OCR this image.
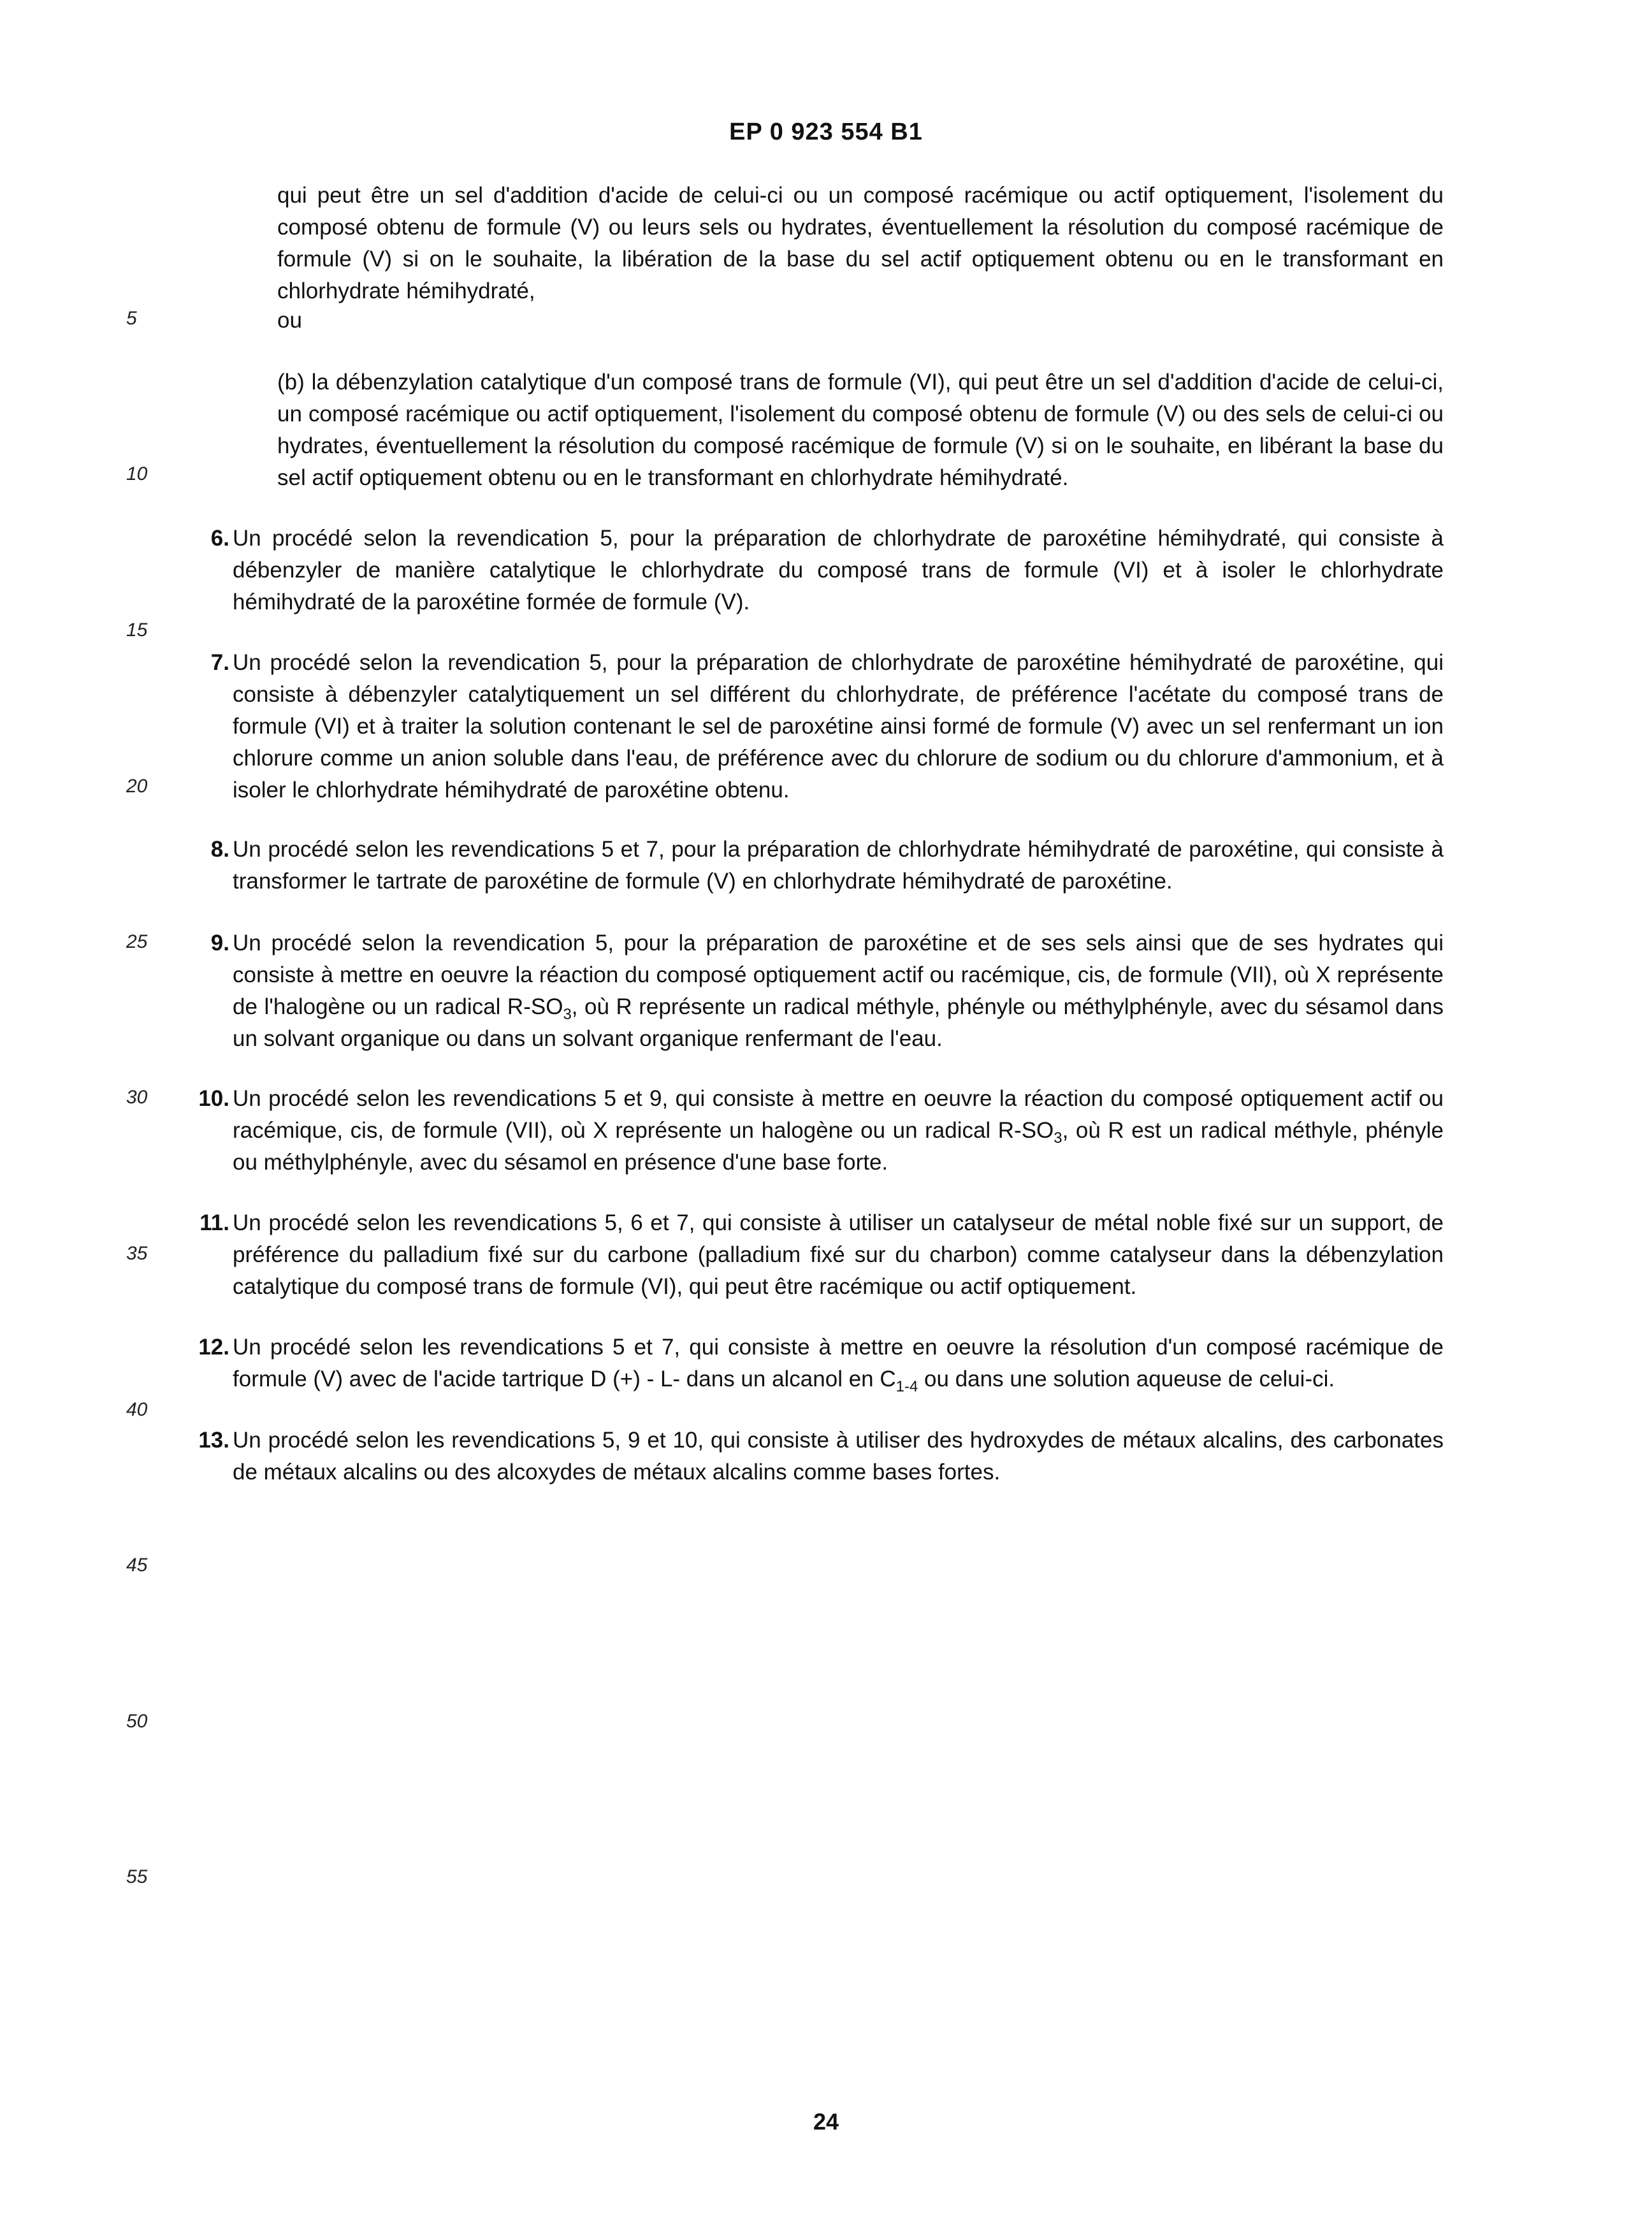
EP 0 923 554 B1
5
10
15
20
25
30
35
40
45
50
55
qui peut être un sel d'addition d'acide de celui-ci ou un composé racémique ou actif optiquement, l'isolement du composé obtenu de formule (V) ou leurs sels ou hydrates, éventuellement la résolution du composé racémique de formule (V) si on le souhaite, la libération de la base du sel actif optiquement obtenu ou en le transformant en chlorhydrate hémihydraté,
ou
(b) la débenzylation catalytique d'un composé trans de formule (VI), qui peut être un sel d'addition d'acide de celui-ci, un composé racémique ou actif optiquement, l'isolement du composé obtenu de formule (V) ou des sels de celui-ci ou hydrates, éventuellement la résolution du composé racémique de formule (V) si on le souhaite, en libérant la base du sel actif optiquement obtenu ou en le transformant en chlorhydrate hémihydraté.
6. Un procédé selon la revendication 5, pour la préparation de chlorhydrate de paroxétine hémihydraté, qui consiste à débenzyler de manière catalytique le chlorhydrate du composé trans de formule (VI) et à isoler le chlorhydrate hémihydraté de la paroxétine formée de formule (V).
7. Un procédé selon la revendication 5, pour la préparation de chlorhydrate de paroxétine hémihydraté de paroxétine, qui consiste à débenzyler catalytiquement un sel différent du chlorhydrate, de préférence l'acétate du composé trans de formule (VI) et à traiter la solution contenant le sel de paroxétine ainsi formé de formule (V) avec un sel renfermant un ion chlorure comme un anion soluble dans l'eau, de préférence avec du chlorure de sodium ou du chlorure d'ammonium, et à isoler le chlorhydrate hémihydraté de paroxétine obtenu.
8. Un procédé selon les revendications 5 et 7, pour la préparation de chlorhydrate hémihydraté de paroxétine, qui consiste à transformer le tartrate de paroxétine de formule (V) en chlorhydrate hémihydraté de paroxétine.
9. Un procédé selon la revendication 5, pour la préparation de paroxétine et de ses sels ainsi que de ses hydrates qui consiste à mettre en oeuvre la réaction du composé optiquement actif ou racémique, cis, de formule (VII), où X représente de l'halogène ou un radical $R-SO_3$, où R représente un radical méthyle, phényle ou méthylphényle, avec du sésamol dans un solvant organique ou dans un solvant organique renfermant de l'eau.
10. Un procédé selon les revendications 5 et 9, qui consiste à mettre en oeuvre la réaction du composé optiquement actif ou racémique, cis, de formule (VII), où X représente un halogène ou un radical $R-SO_3$, où R est un radical méthyle, phényle ou méthylphényle, avec du sésamol en présence d'une base forte.
11. Un procédé selon les revendications 5, 6 et 7, qui consiste à utiliser un catalyseur de métal noble fixé sur un support, de préférence du palladium fixé sur du carbone (palladium fixé sur du charbon) comme catalyseur dans la débenzylation catalytique du composé trans de formule (VI), qui peut être racémique ou actif optiquement.
12. Un procédé selon les revendications 5 et 7, qui consiste à mettre en oeuvre la résolution d'un composé racémique de formule (V) avec de l'acide tartrique D (+) - L- dans un alcanol en $C_{1-4}$ ou dans une solution aqueuse de celui-ci.
13. Un procédé selon les revendications 5, 9 et 10, qui consiste à utiliser des hydroxydes de métaux alcalins, des carbonates de métaux alcalins ou des alcoxydes de métaux alcalins comme bases fortes.
24
